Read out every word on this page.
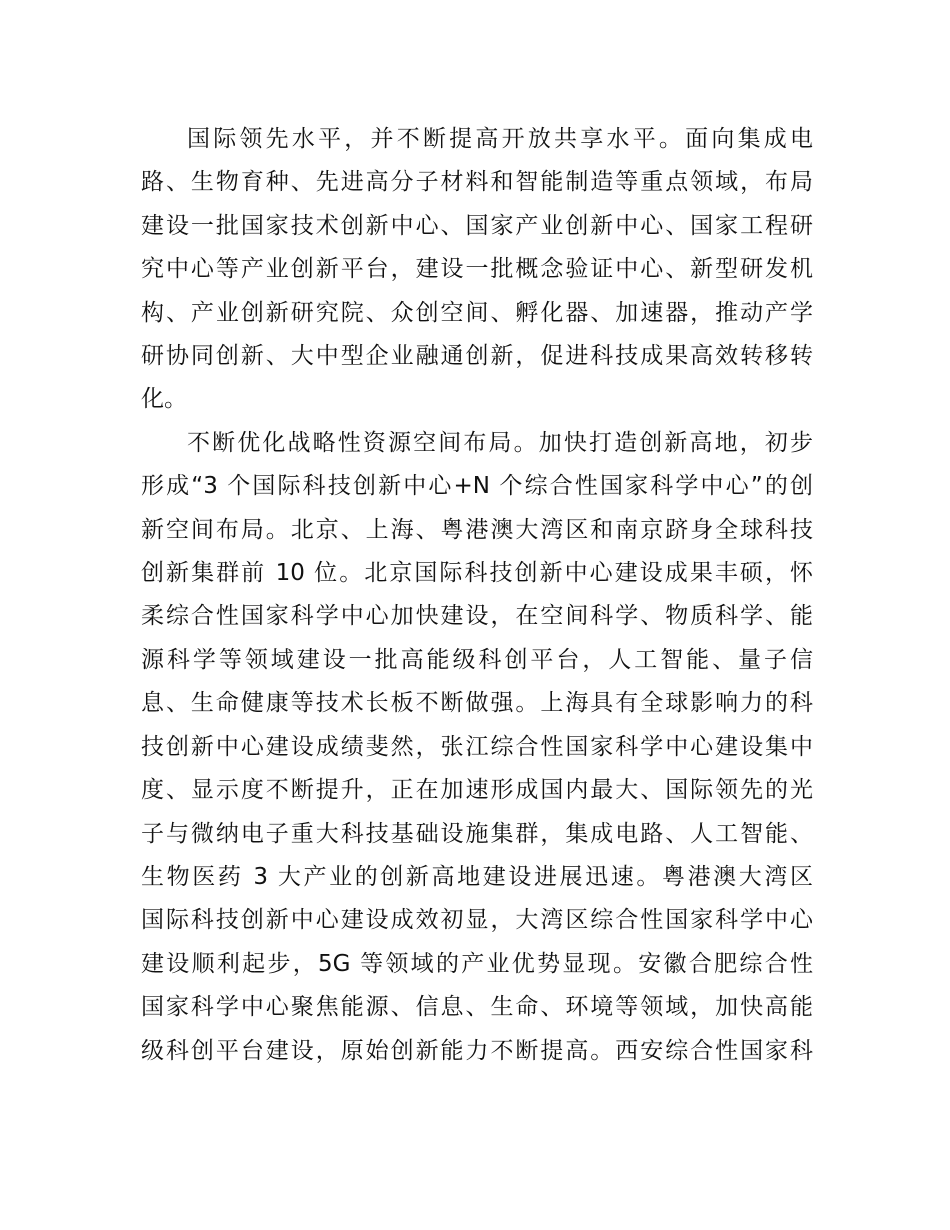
国际领先水平，并不断提高开放共享水平。面向集成电
路、生物育种、先进高分子材料和智能制造等重点领域，布局
建设一批国家技术创新中心、国家产业创新中心、国家工程研
究中心等产业创新平台，建设一批概念验证中心、新型研发机
构、产业创新研究院、众创空间、孵化器、加速器，推动产学
研协同创新、大中型企业融通创新，促进科技成果高效转移转
化。
不断优化战略性资源空间布局。加快打造创新高地，初步
形成“3 个国际科技创新中心+N 个综合性国家科学中心”的创
新空间布局。北京、上海、粤港澳大湾区和南京跻身全球科技
创新集群前 10 位。北京国际科技创新中心建设成果丰硕，怀
柔综合性国家科学中心加快建设，在空间科学、物质科学、能
源科学等领域建设一批高能级科创平台，人工智能、量子信
息、生命健康等技术长板不断做强。上海具有全球影响力的科
技创新中心建设成绩斐然，张江综合性国家科学中心建设集中
度、显示度不断提升，正在加速形成国内最大、国际领先的光
子与微纳电子重大科技基础设施集群，集成电路、人工智能、
生物医药 3 大产业的创新高地建设进展迅速。粤港澳大湾区
国际科技创新中心建设成效初显，大湾区综合性国家科学中心
建设顺利起步，5G 等领域的产业优势显现。安徽合肥综合性
国家科学中心聚焦能源、信息、生命、环境等领域，加快高能
级科创平台建设，原始创新能力不断提高。西安综合性国家科
